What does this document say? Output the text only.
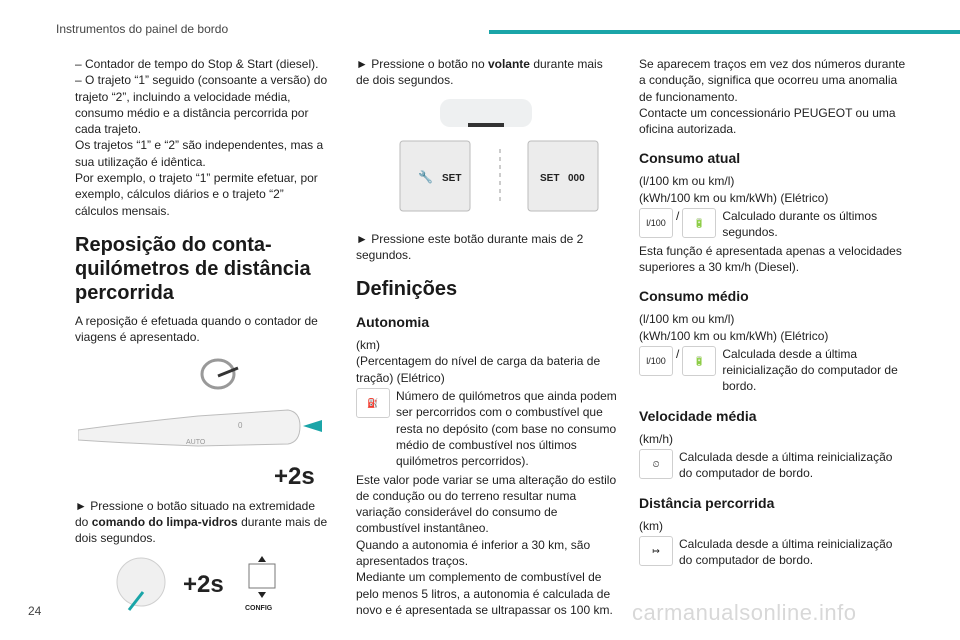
Instrumentos do painel de bordo

– Contador de tempo do Stop & Start (diesel).

– O trajeto “1” seguido (consoante a versão) do trajeto “2”, incluindo a velocidade média, consumo médio e a distância percorrida por cada trajeto.

Os trajetos “1” e “2” são independentes, mas a sua utilização é idêntica.

Por exemplo, o trajeto “1” permite efetuar, por exemplo, cálculos diários e o trajeto “2” cálculos mensais.

Reposição do conta-quilómetros de distância percorrida

A reposição é efetuada quando o contador de viagens é apresentado.

AUTO
0
+2s

► Pressione o botão situado na extremidade do comando do limpa-vidros durante mais de dois segundos.

+2s
CONFIG

► Pressione o botão no volante durante mais de dois segundos.

SET
🔧	SET 000

► Pressione este botão durante mais de 2 segundos.

Definições
Autonomia

(km)

(Percentagem do nível de carga da bateria de tração) (Elétrico)

⛽	Número de quilómetros que ainda podem ser percorridos com o combustível que resta no depósito (com base no consumo médio de combustível nos últimos quilómetros percorridos).

Este valor pode variar se uma alteração do estilo de condução ou do terreno resultar numa variação considerável do consumo de combustível instantâneo.

Quando a autonomia é inferior a 30 km, são apresentados traços.

Mediante um complemento de combustível de pelo menos 5 litros, a autonomia é calculada de novo e é apresentada se ultrapassar os 100 km.

Se aparecem traços em vez dos números durante a condução, significa que ocorreu uma anomalia de funcionamento.

Contacte um concessionário PEUGEOT ou uma oficina autorizada.

Consumo atual

(l/100 km ou km/l)

(kWh/100 km ou km/kWh) (Elétrico)

l/100 /	🔋	Calculado durante os últimos segundos.

Esta função é apresentada apenas a velocidades superiores a 30 km/h (Diesel).

Consumo médio

(l/100 km ou km/l)

(kWh/100 km ou km/kWh) (Elétrico)

l/100 /	🔋	Calculada desde a última reinicialização do computador de bordo.

Velocidade média

(km/h)

⏲	Calculada desde a última reinicialização do computador de bordo.

Distância percorrida

(km)

↦	Calculada desde a última reinicialização do computador de bordo.

24	carmanualsonline.info
